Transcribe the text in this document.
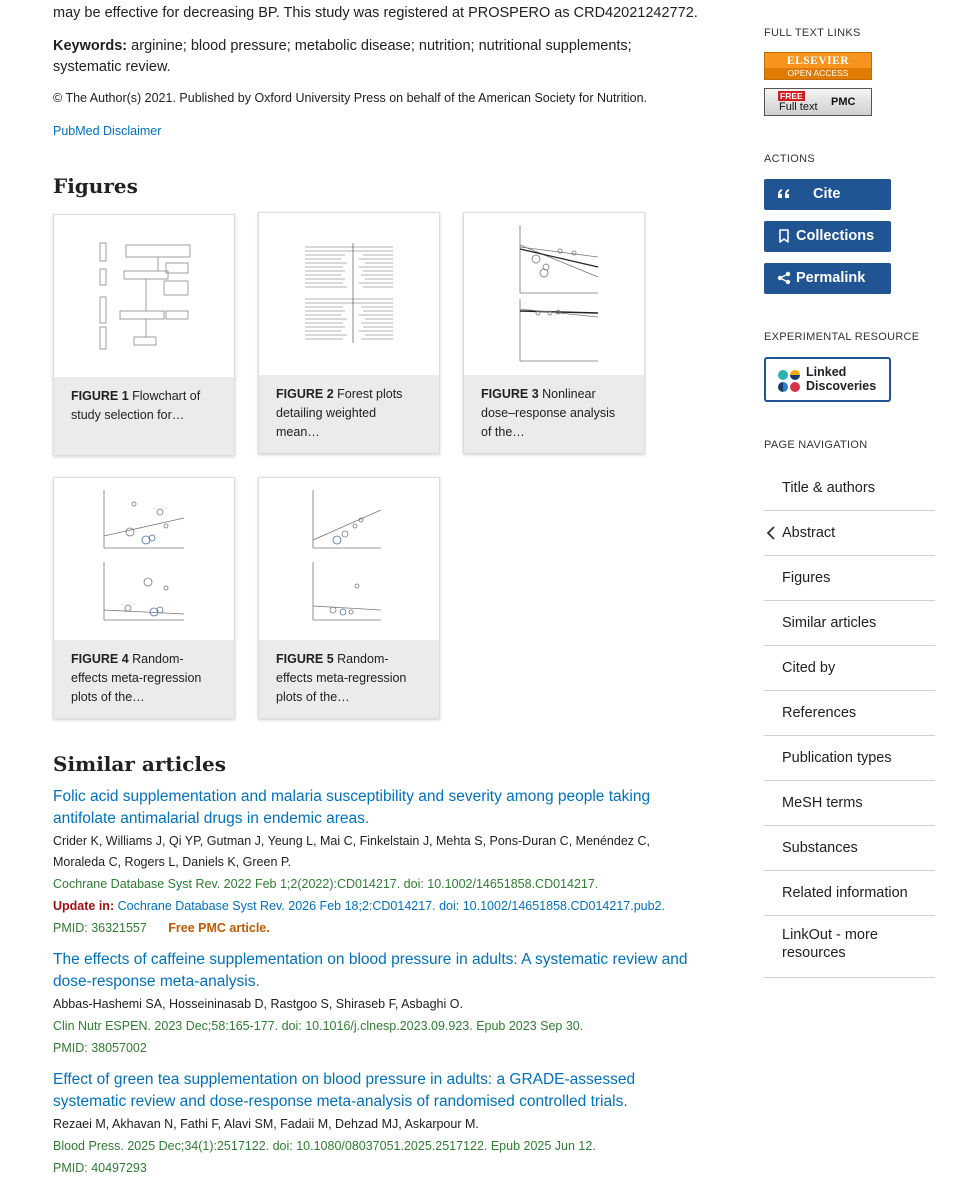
may be effective for decreasing BP. This study was registered at PROSPERO as CRD42021242772.
Keywords: arginine; blood pressure; metabolic disease; nutrition; nutritional supplements; systematic review.
© The Author(s) 2021. Published by Oxford University Press on behalf of the American Society for Nutrition.
PubMed Disclaimer
Figures
FIGURE 1 Flowchart of study selection for…
FIGURE 2 Forest plots detailing weighted mean…
FIGURE 3 Nonlinear dose–response analysis of the…
FIGURE 4 Random-effects meta-regression plots of the…
FIGURE 5 Random-effects meta-regression plots of the…
Similar articles
Folic acid supplementation and malaria susceptibility and severity among people taking antifolate antimalarial drugs in endemic areas.
Crider K, Williams J, Qi YP, Gutman J, Yeung L, Mai C, Finkelstain J, Mehta S, Pons-Duran C, Menéndez C, Moraleda C, Rogers L, Daniels K, Green P.
Cochrane Database Syst Rev. 2022 Feb 1;2(2022):CD014217. doi: 10.1002/14651858.CD014217.
Update in: Cochrane Database Syst Rev. 2026 Feb 18;2:CD014217. doi: 10.1002/14651858.CD014217.pub2.
PMID: 36321557 Free PMC article.
The effects of caffeine supplementation on blood pressure in adults: A systematic review and dose-response meta-analysis.
Abbas-Hashemi SA, Hosseininasab D, Rastgoo S, Shiraseb F, Asbaghi O.
Clin Nutr ESPEN. 2023 Dec;58:165-177. doi: 10.1016/j.clnesp.2023.09.923. Epub 2023 Sep 30.
PMID: 38057002
Effect of green tea supplementation on blood pressure in adults: a GRADE-assessed systematic review and dose-response meta-analysis of randomised controlled trials.
Rezaei M, Akhavan N, Fathi F, Alavi SM, Fadaii M, Dehzad MJ, Askarpour M.
Blood Press. 2025 Dec;34(1):2517122. doi: 10.1080/08037051.2025.2517122. Epub 2025 Jun 12.
PMID: 40497293
FULL TEXT LINKS
ELSEVIER
OPEN ACCESS
FREE
Full text PMC
ACTIONS
Cite
Collections
Permalink
EXPERIMENTAL RESOURCE
Linked
Discoveries
PAGE NAVIGATION
Title & authors
Abstract
Figures
Similar articles
Cited by
References
Publication types
MeSH terms
Substances
Related information
LinkOut - more resources
